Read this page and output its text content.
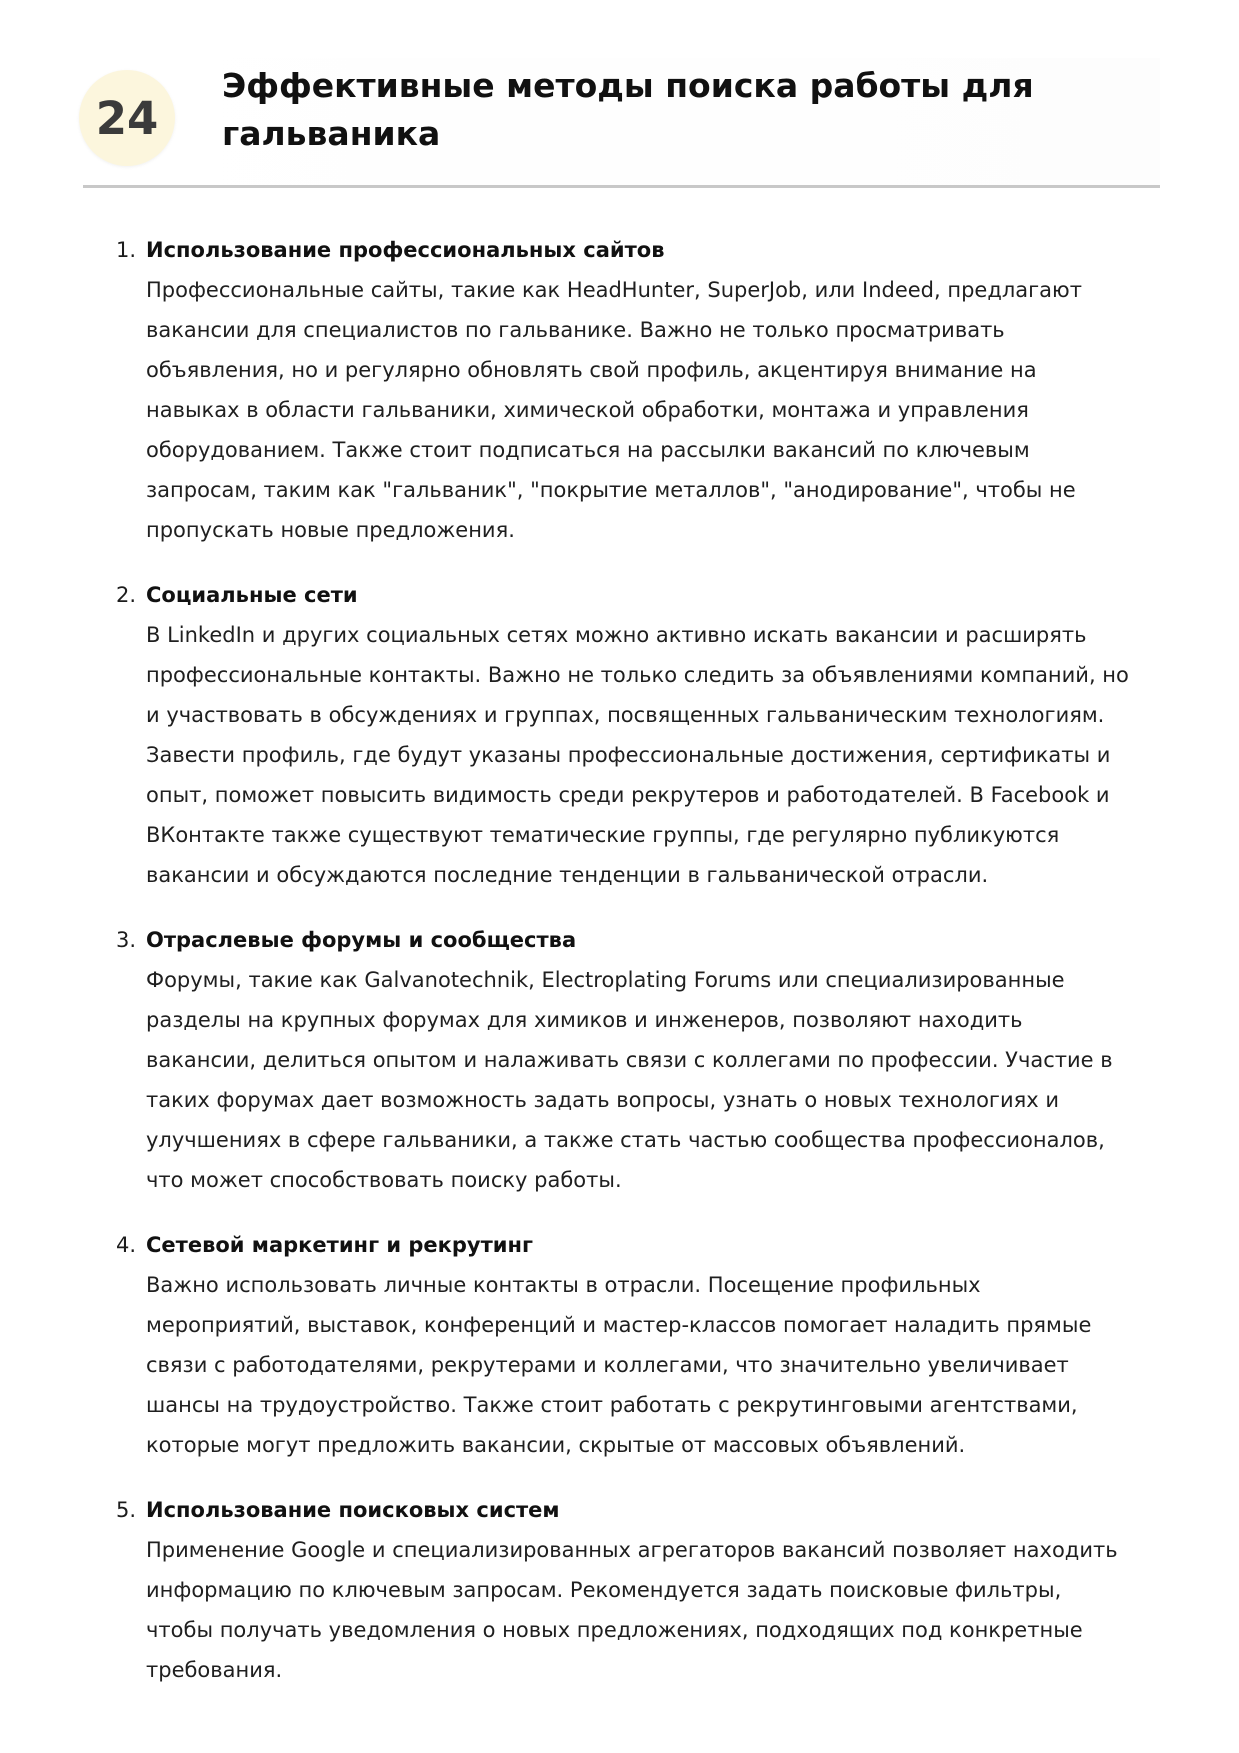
24
Эффективные методы поиска работы для
гальваника
1. Использование профессиональных сайтов
Профессиональные сайты, такие как HeadHunter, SuperJob, или Indeed, предлагают
вакансии для специалистов по гальванике. Важно не только просматривать
объявления, но и регулярно обновлять свой профиль, акцентируя внимание на
навыках в области гальваники, химической обработки, монтажа и управления
оборудованием. Также стоит подписаться на рассылки вакансий по ключевым
запросам, таким как "гальваник", "покрытие металлов", "анодирование", чтобы не
пропускать новые предложения.
2. Социальные сети
В LinkedIn и других социальных сетях можно активно искать вакансии и расширять
профессиональные контакты. Важно не только следить за объявлениями компаний, но
и участвовать в обсуждениях и группах, посвященных гальваническим технологиям.
Завести профиль, где будут указаны профессиональные достижения, сертификаты и
опыт, поможет повысить видимость среди рекрутеров и работодателей. В Facebook и
ВКонтакте также существуют тематические группы, где регулярно публикуются
вакансии и обсуждаются последние тенденции в гальванической отрасли.
3. Отраслевые форумы и сообщества
Форумы, такие как Galvanotechnik, Electroplating Forums или специализированные
разделы на крупных форумах для химиков и инженеров, позволяют находить
вакансии, делиться опытом и налаживать связи с коллегами по профессии. Участие в
таких форумах дает возможность задать вопросы, узнать о новых технологиях и
улучшениях в сфере гальваники, а также стать частью сообщества профессионалов,
что может способствовать поиску работы.
4. Сетевой маркетинг и рекрутинг
Важно использовать личные контакты в отрасли. Посещение профильных
мероприятий, выставок, конференций и мастер-классов помогает наладить прямые
связи с работодателями, рекрутерами и коллегами, что значительно увеличивает
шансы на трудоустройство. Также стоит работать с рекрутинговыми агентствами,
которые могут предложить вакансии, скрытые от массовых объявлений.
5. Использование поисковых систем
Применение Google и специализированных агрегаторов вакансий позволяет находить
информацию по ключевым запросам. Рекомендуется задать поисковые фильтры,
чтобы получать уведомления о новых предложениях, подходящих под конкретные
требования.
